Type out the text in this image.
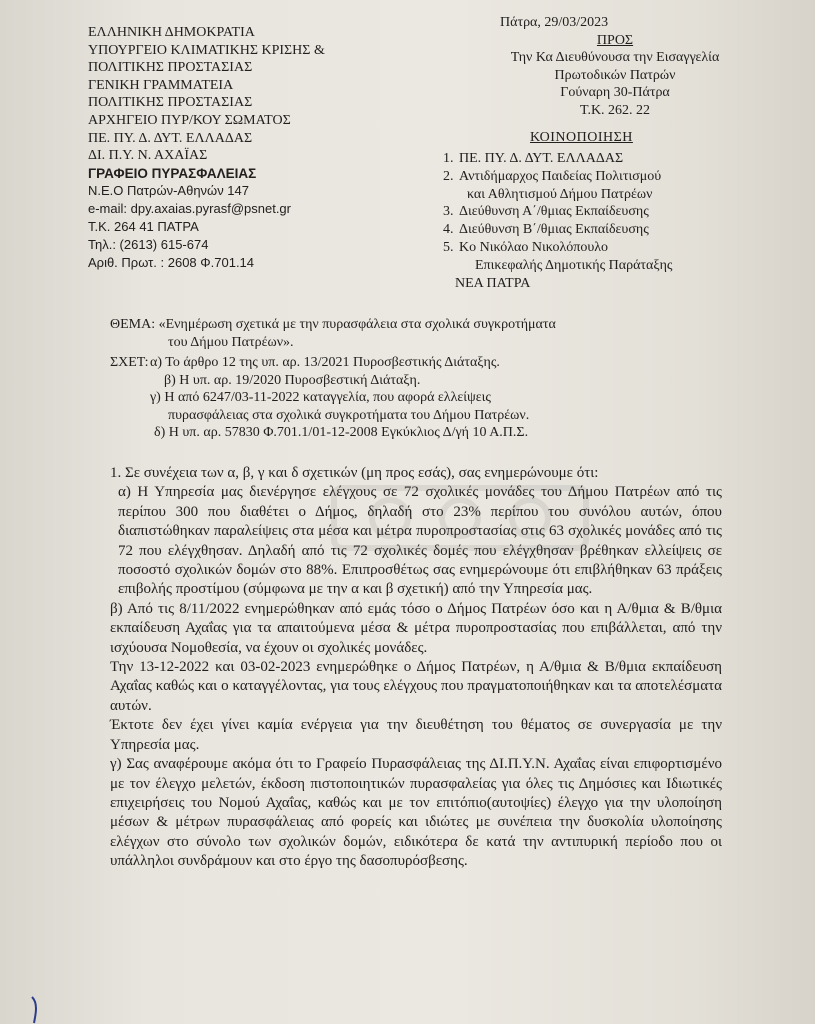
ΕΛΛΗΝΙΚΗ ΔΗΜΟΚΡΑΤΙΑ
ΥΠΟΥΡΓΕΙΟ ΚΛΙΜΑΤΙΚΗΣ ΚΡΙΣΗΣ &
ΠΟΛΙΤΙΚΗΣ ΠΡΟΣΤΑΣΙΑΣ
ΓΕΝΙΚΗ ΓΡΑΜΜΑΤΕΙΑ
ΠΟΛΙΤΙΚΗΣ ΠΡΟΣΤΑΣΙΑΣ
ΑΡΧΗΓΕΙΟ ΠΥΡ/ΚΟΥ ΣΩΜΑΤΟΣ
ΠΕ. ΠΥ. Δ. ΔΥΤ. ΕΛΛΑΔΑΣ
ΔΙ. Π.Υ. Ν. ΑΧΑΪΑΣ
ΓΡΑΦΕΙΟ ΠΥΡΑΣΦΑΛΕΙΑΣ
Ν.Ε.Ο Πατρών-Αθηνών 147
e-mail: dpy.axaias.pyrasf@psnet.gr
Τ.Κ. 264 41 ΠΑΤΡΑ
Τηλ.: (2613) 615-674
Αριθ. Πρωτ. : 2608 Φ.701.14
Πάτρα, 29/03/2023
ΠΡΟΣ
Την Κα Διευθύνουσα την Εισαγγελία
Πρωτοδικών Πατρών
Γούναρη 30-Πάτρα
Τ.Κ. 262. 22
ΚΟΙΝΟΠΟΙΗΣΗ
1. ΠΕ. ΠΥ. Δ. ΔΥΤ. ΕΛΛΑΔΑΣ
2. Αντιδήμαρχος Παιδείας Πολιτισμού
και Αθλητισμού Δήμου Πατρέων
3. Διεύθυνση Α΄/θμιας Εκπαίδευσης
4. Διεύθυνση Β΄/θμιας Εκπαίδευσης
5. Κο Νικόλαο Νικολόπουλο
Επικεφαλής Δημοτικής Παράταξης
ΝΕΑ ΠΑΤΡΑ
ΘΕΜΑ: «Ενημέρωση σχετικά με την πυρασφάλεια στα σχολικά συγκροτήματα
του Δήμου Πατρέων».
ΣΧΕΤ: α) Το άρθρο 12 της υπ. αρ. 13/2021 Πυροσβεστικής Διάταξης.
β) Η υπ. αρ. 19/2020 Πυροσβεστική Διάταξη.
γ) Η από 6247/03-11-2022 καταγγελία, που αφορά ελλείψεις
πυρασφάλειας στα σχολικά συγκροτήματα του Δήμου Πατρέων.
δ) Η υπ. αρ. 57830 Φ.701.1/01-12-2008 Εγκύκλιος Δ/γή 10 Α.Π.Σ.

1. Σε συνέχεια των α, β, γ και δ σχετικών (μη προς εσάς), σας ενημερώνουμε ότι:

α) Η Υπηρεσία μας διενέργησε ελέγχους σε 72 σχολικές μονάδες του Δήμου Πατρέων από τις περίπου 300 που διαθέτει ο Δήμος, δηλαδή στο 23% περίπου του συνόλου αυτών, όπου διαπιστώθηκαν παραλείψεις στα μέσα και μέτρα πυροπροστασίας στις 63 σχολικές μονάδες από τις 72 που ελέγχθησαν. Δηλαδή από τις 72 σχολικές δομές που ελέγχθησαν βρέθηκαν ελλείψεις σε ποσοστό σχολικών δομών στο 88%. Επιπροσθέτως σας ενημερώνουμε ότι επιβλήθηκαν 63 πράξεις επιβολής προστίμου (σύμφωνα με την α και β σχετική) από την Υπηρεσία μας.

β) Από τις 8/11/2022 ενημερώθηκαν από εμάς τόσο ο Δήμος Πατρέων όσο και η Α/θμια & Β/θμια εκπαίδευση Αχαΐας για τα απαιτούμενα μέσα & μέτρα πυροπροστασίας που επιβάλλεται, από την ισχύουσα Νομοθεσία, να έχουν οι σχολικές μονάδες.

Την 13-12-2022 και 03-02-2023 ενημερώθηκε ο Δήμος Πατρέων, η Α/θμια & Β/θμια εκπαίδευση Αχαΐας καθώς και ο καταγγέλοντας, για τους ελέγχους που πραγματοποιήθηκαν και τα αποτελέσματα αυτών.

Έκτοτε δεν έχει γίνει καμία ενέργεια για την διευθέτηση του θέματος σε συνεργασία με την Υπηρεσία μας.

γ) Σας αναφέρουμε ακόμα ότι το Γραφείο Πυρασφάλειας της ΔΙ.Π.Υ.Ν. Αχαΐας είναι επιφορτισμένο με τον έλεγχο μελετών, έκδοση πιστοποιητικών πυρασφαλείας για όλες τις Δημόσιες και Ιδιωτικές επιχειρήσεις του Νομού Αχαΐας, καθώς και με τον επιτόπιο(αυτοψίες) έλεγχο για την υλοποίηση μέσων & μέτρων πυρασφάλειας από φορείς και ιδιώτες με συνέπεια την δυσκολία υλοποίησης ελέγχων στο σύνολο των σχολικών δομών, ειδικότερα δε κατά την αντιπυρική περίοδο που οι υπάλληλοι συνδράμουν και στο έργο της δασοπυρόσβεσης.
